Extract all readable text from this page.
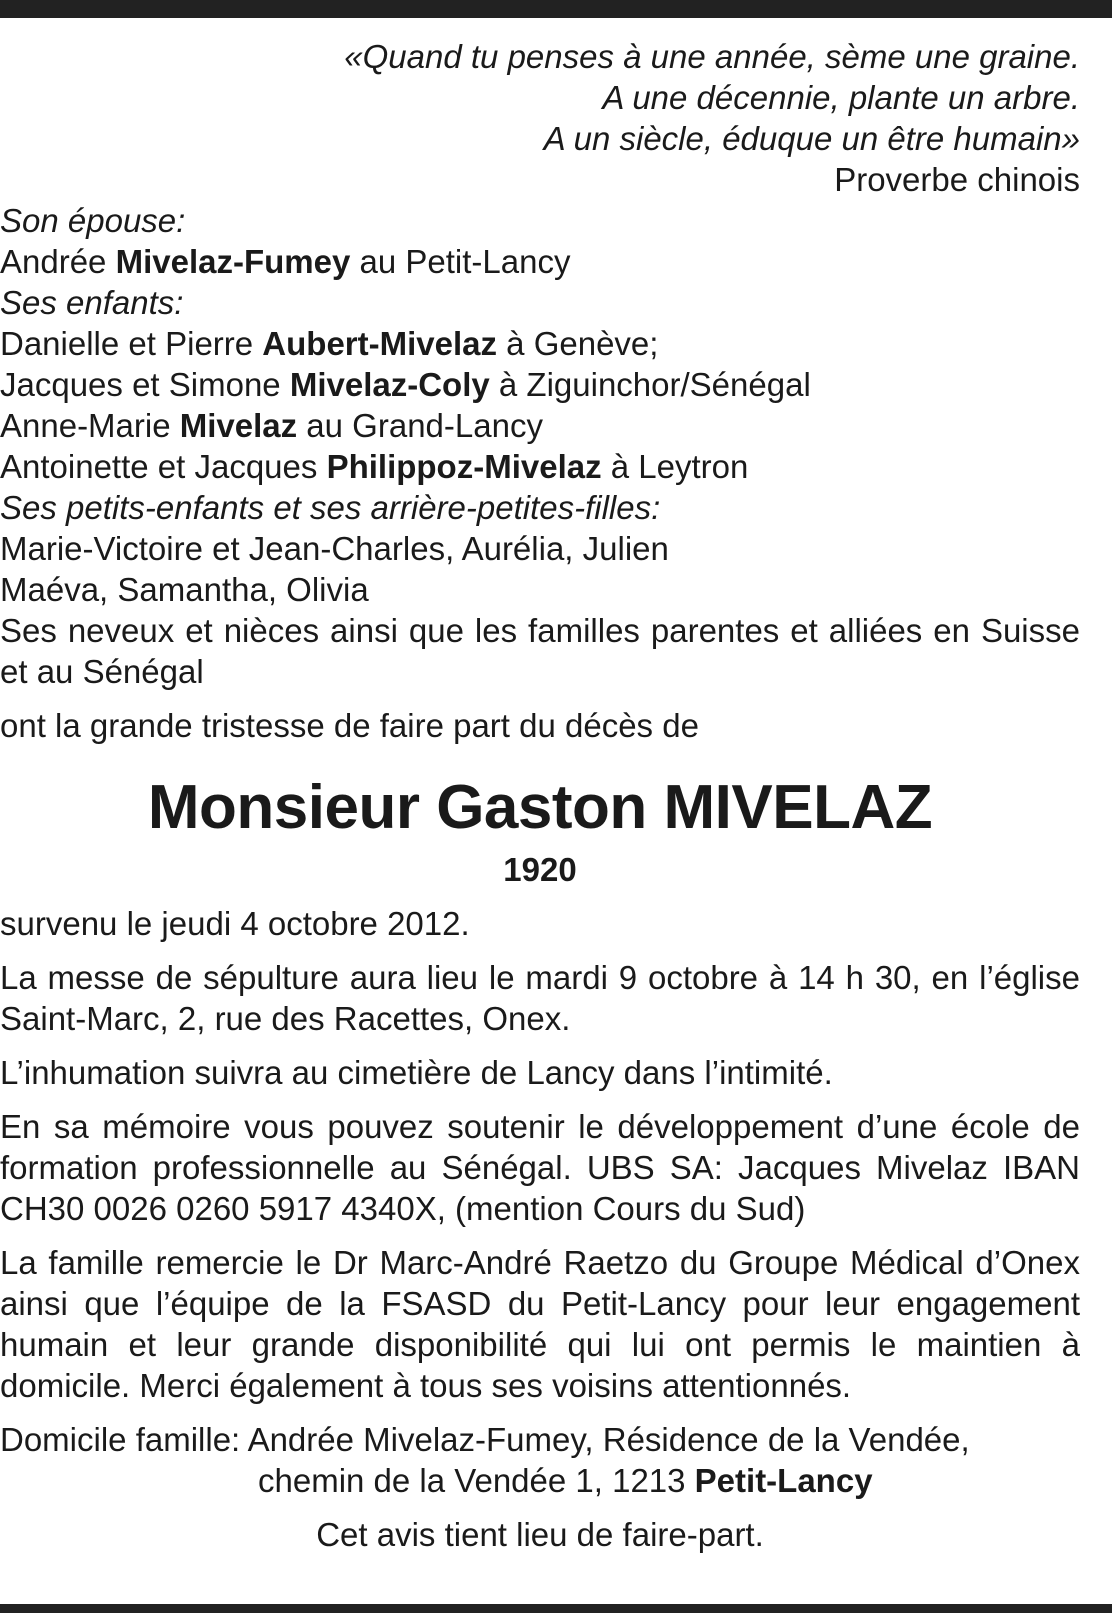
«Quand tu penses à une année, sème une graine.
A une décennie, plante un arbre.
A un siècle, éduque un être humain»
Proverbe chinois
Son épouse:
Andrée Mivelaz-Fumey au Petit-Lancy
Ses enfants:
Danielle et Pierre Aubert-Mivelaz à Genève;
Jacques et Simone Mivelaz-Coly à Ziguinchor/Sénégal
Anne-Marie Mivelaz au Grand-Lancy
Antoinette et Jacques Philippoz-Mivelaz à Leytron
Ses petits-enfants et ses arrière-petites-filles:
Marie-Victoire et Jean-Charles, Aurélia, Julien
Maéva, Samantha, Olivia
Ses neveux et nièces ainsi que les familles parentes et alliées en Suisse et au Sénégal
ont la grande tristesse de faire part du décès de
Monsieur Gaston MIVELAZ
1920
survenu le jeudi 4 octobre 2012.
La messe de sépulture aura lieu le mardi 9 octobre à 14 h 30, en l’église Saint-Marc, 2, rue des Racettes, Onex.
L’inhumation suivra au cimetière de Lancy dans l’intimité.
En sa mémoire vous pouvez soutenir le développement d’une école de formation professionnelle au Sénégal. UBS SA: Jacques Mivelaz IBAN CH30 0026 0260 5917 4340X, (mention Cours du Sud)
La famille remercie le Dr Marc-André Raetzo du Groupe Médical d’Onex ainsi que l’équipe de la FSASD du Petit-Lancy pour leur engagement humain et leur grande disponibilité qui lui ont permis le maintien à domicile. Merci également à tous ses voisins attentionnés.
Domicile famille: Andrée Mivelaz-Fumey, Résidence de la Vendée,
chemin de la Vendée 1, 1213 Petit-Lancy
Cet avis tient lieu de faire-part.
